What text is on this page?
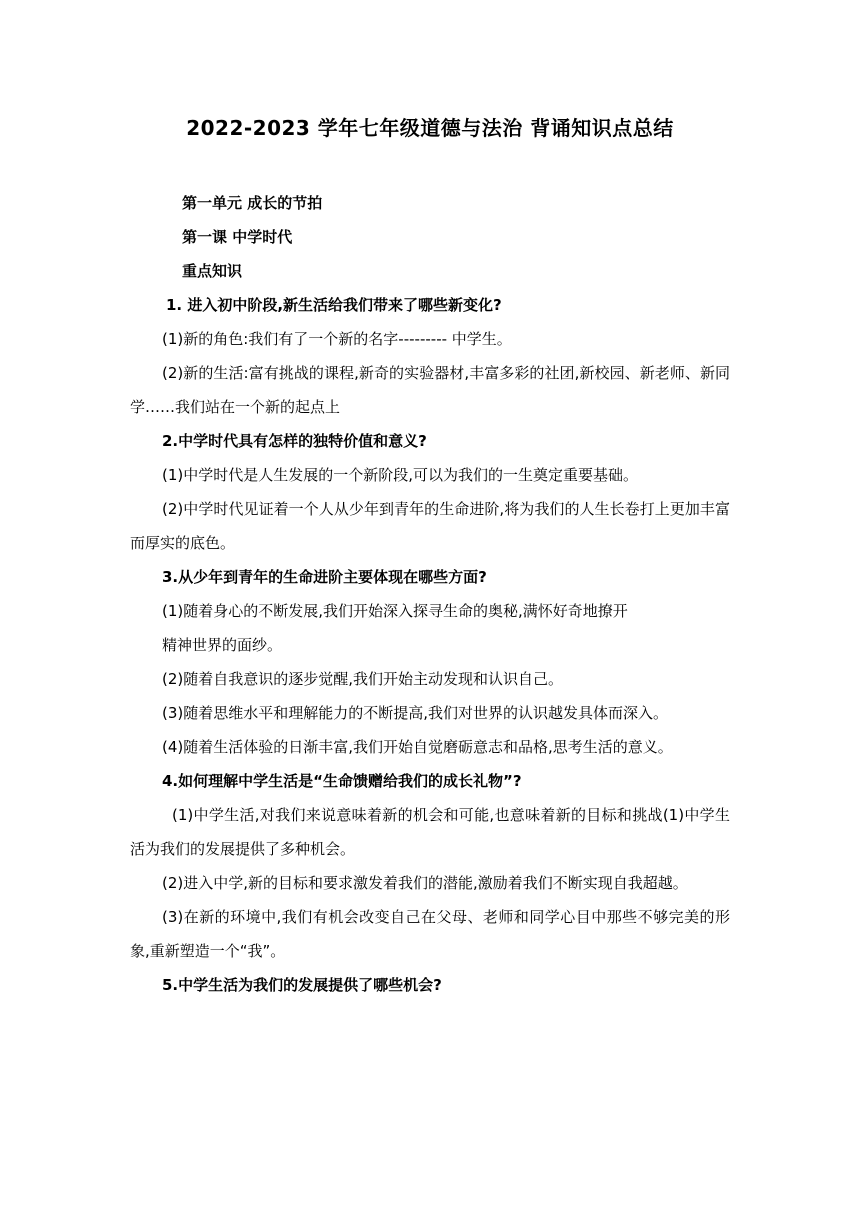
2022-2023 学年七年级道德与法治 背诵知识点总结

第一单元 成长的节拍

第一课 中学时代

重点知识

1. 进入初中阶段,新生活给我们带来了哪些新变化?

(1)新的角色:我们有了一个新的名字--------- 中学生。

(2)新的生活:富有挑战的课程,新奇的实验器材,丰富多彩的社团,新校园、新老师、新同学……我们站在一个新的起点上

2.中学时代具有怎样的独特价值和意义?

(1)中学时代是人生发展的一个新阶段,可以为我们的一生奠定重要基础。

(2)中学时代见证着一个人从少年到青年的生命进阶,将为我们的人生长卷打上更加丰富而厚实的底色。

3.从少年到青年的生命进阶主要体现在哪些方面?

(1)随着身心的不断发展,我们开始深入探寻生命的奥秘,满怀好奇地撩开

精神世界的面纱。

(2)随着自我意识的逐步觉醒,我们开始主动发现和认识自己。

(3)随着思维水平和理解能力的不断提高,我们对世界的认识越发具体而深入。

(4)随着生活体验的日渐丰富,我们开始自觉磨砺意志和品格,思考生活的意义。

4.如何理解中学生活是“生命馈赠给我们的成长礼物”?

(1)中学生活,对我们来说意味着新的机会和可能,也意味着新的目标和挑战(1)中学生活为我们的发展提供了多种机会。

(2)进入中学,新的目标和要求激发着我们的潜能,激励着我们不断实现自我超越。

(3)在新的环境中,我们有机会改变自己在父母、老师和同学心目中那些不够完美的形象,重新塑造一个“我”。

5.中学生活为我们的发展提供了哪些机会?
